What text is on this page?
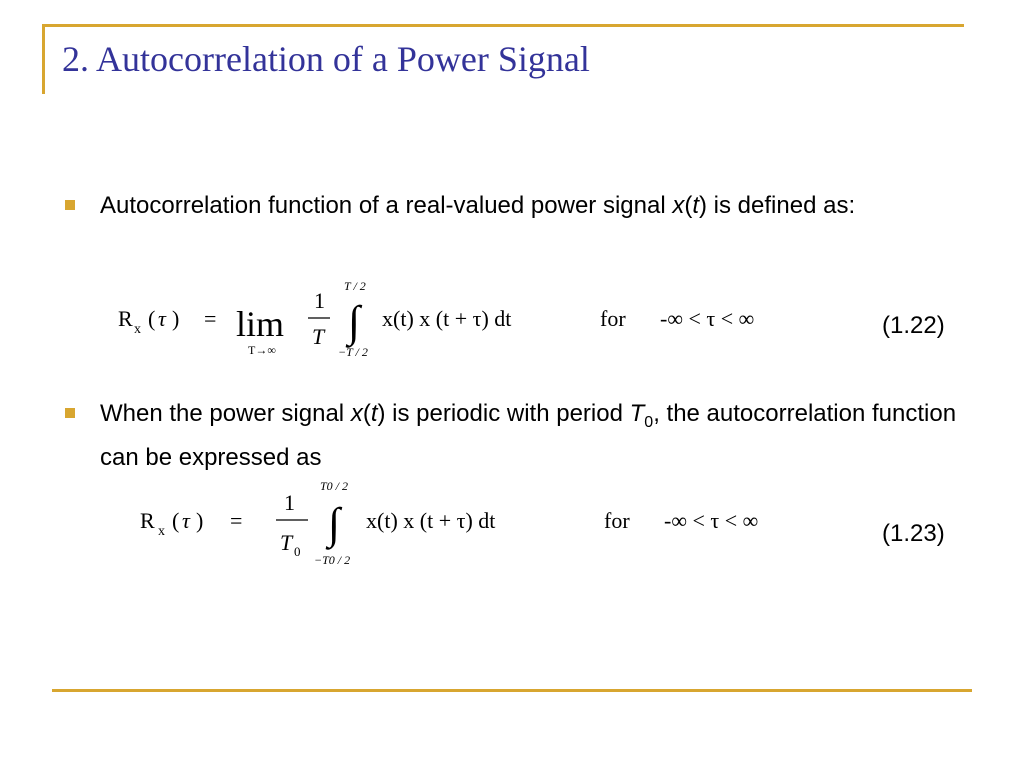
2. Autocorrelation of a Power Signal
Autocorrelation function of a real-valued power signal x(t) is defined as:
R x ( τ ) = lim
T→∞
1
T
T / 2
∫
−T / 2
x(t) x (t + τ) dt	for -∞ < τ < ∞	(1.22)
When the power signal x(t) is periodic with period $T_0$, the autocorrelation function can be expressed as
R x ( τ ) =
1
T 0
T0 / 2
∫
−T0 / 2
x(t) x (t + τ) dt	for -∞ < τ < ∞	(1.23)
